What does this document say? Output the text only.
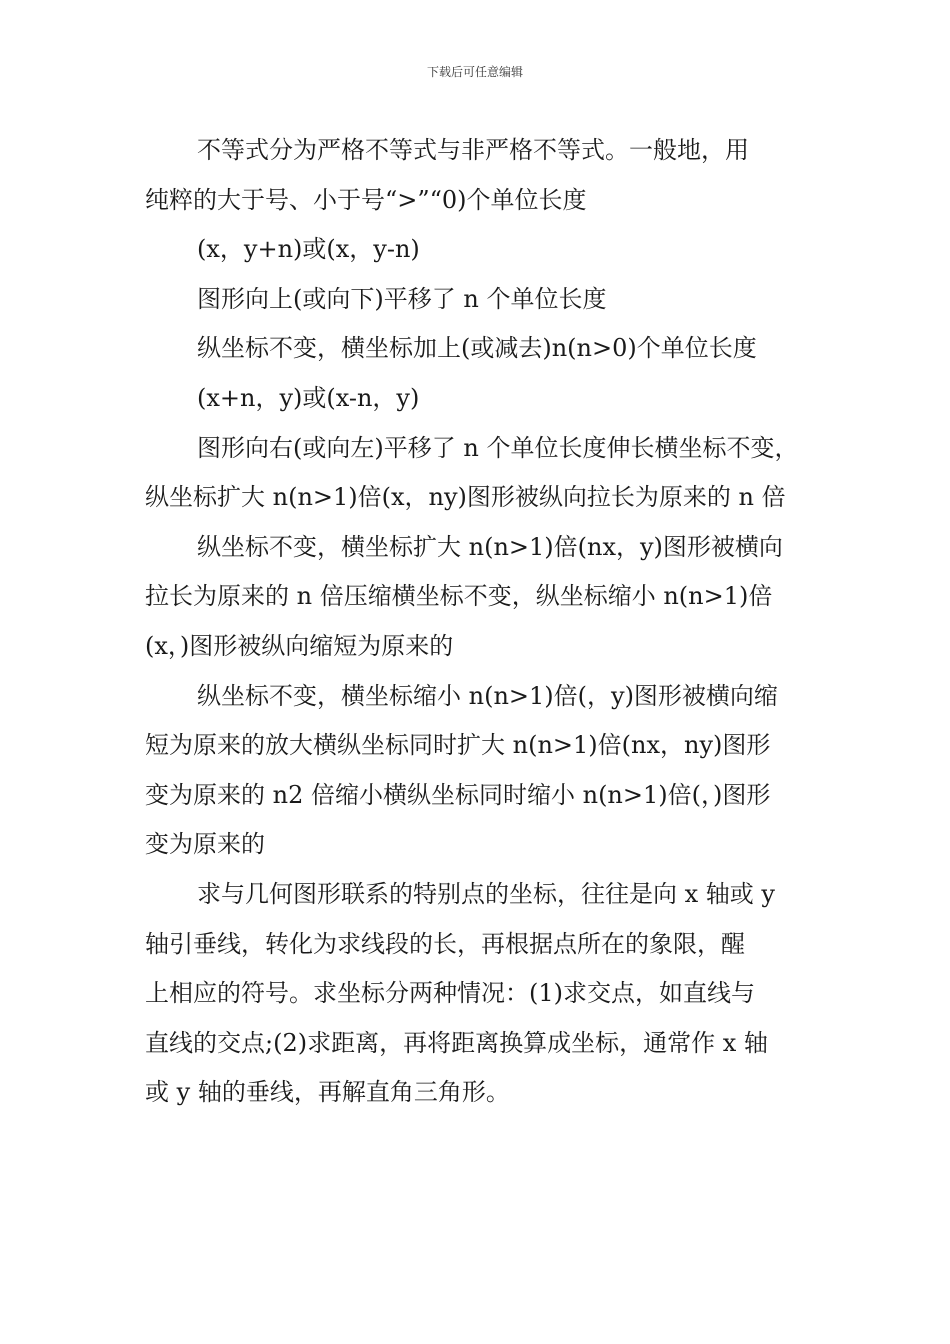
下载后可任意编辑
不等式分为严格不等式与非严格不等式。一般地，用
纯粹的大于号、小于号“>”“0)个单位长度
(x，y+n)或(x，y-n)
图形向上(或向下)平移了 n 个单位长度
纵坐标不变，横坐标加上(或减去)n(n>0)个单位长度
(x+n，y)或(x-n，y)
图形向右(或向左)平移了 n 个单位长度伸长横坐标不变，
纵坐标扩大 n(n>1)倍(x，ny)图形被纵向拉长为原来的 n 倍
纵坐标不变，横坐标扩大 n(n>1)倍(nx，y)图形被横向
拉长为原来的 n 倍压缩横坐标不变，纵坐标缩小 n(n>1)倍
(x，)图形被纵向缩短为原来的
纵坐标不变，横坐标缩小 n(n>1)倍(，y)图形被横向缩
短为原来的放大横纵坐标同时扩大 n(n>1)倍(nx，ny)图形
变为原来的 n2 倍缩小横纵坐标同时缩小 n(n>1)倍(，)图形
变为原来的
求与几何图形联系的特别点的坐标，往往是向 x 轴或 y
轴引垂线，转化为求线段的长，再根据点所在的象限，醒
上相应的符号。求坐标分两种情况：(1)求交点，如直线与
直线的交点;(2)求距离，再将距离换算成坐标，通常作 x 轴
或 y 轴的垂线，再解直角三角形。
